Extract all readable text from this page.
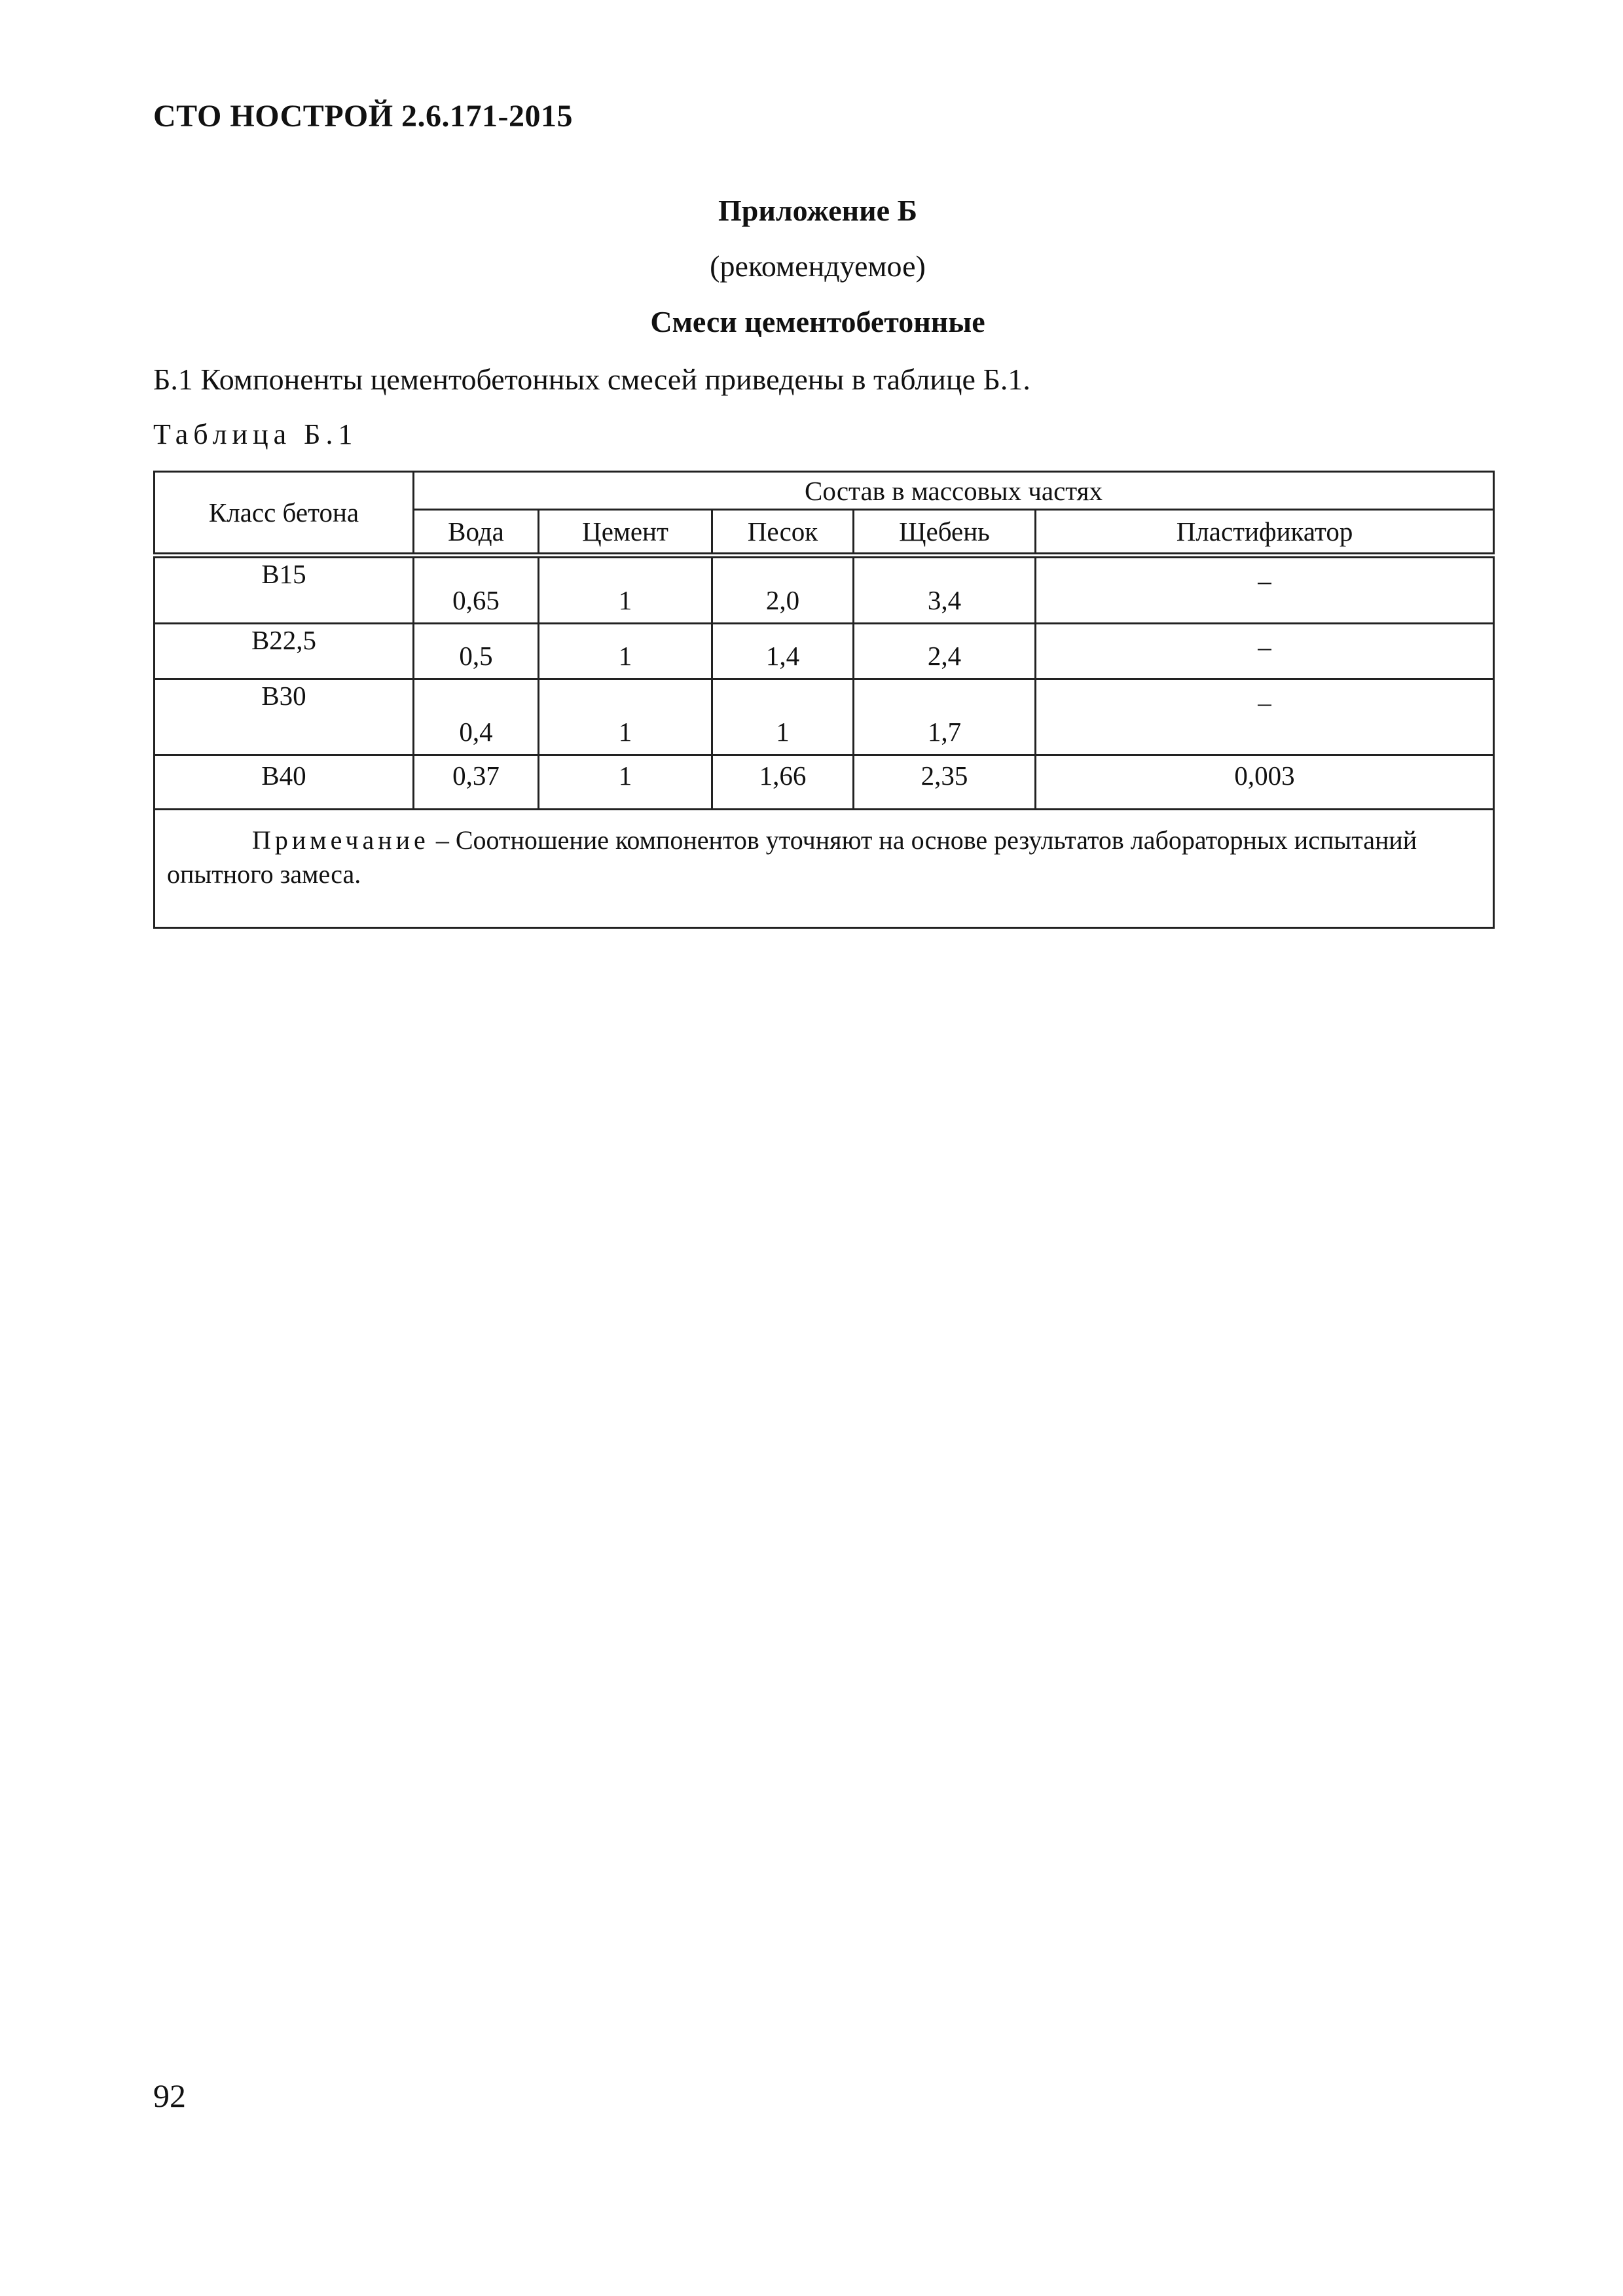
СТО НОСТРОЙ 2.6.171-2015

Приложение Б

(рекомендуемое)

Смеси цементобетонные

Б.1 Компоненты цементобетонных смесей приведены в таблице Б.1.

Таблица Б.1

Класс бетона	Состав в массовых частях				
	Вода	Цемент	Песок	Щебень	Пластификатор
B15	0,65	1	2,0	3,4	–
B22,5	0,5	1	1,4	2,4	–
B30	0,4	1	1	1,7	–
B40	0,37	1	1,66	2,35	0,003
Примечание – Соотношение компонентов уточняют на основе результатов лабораторных испытаний опытного замеса.					

92
